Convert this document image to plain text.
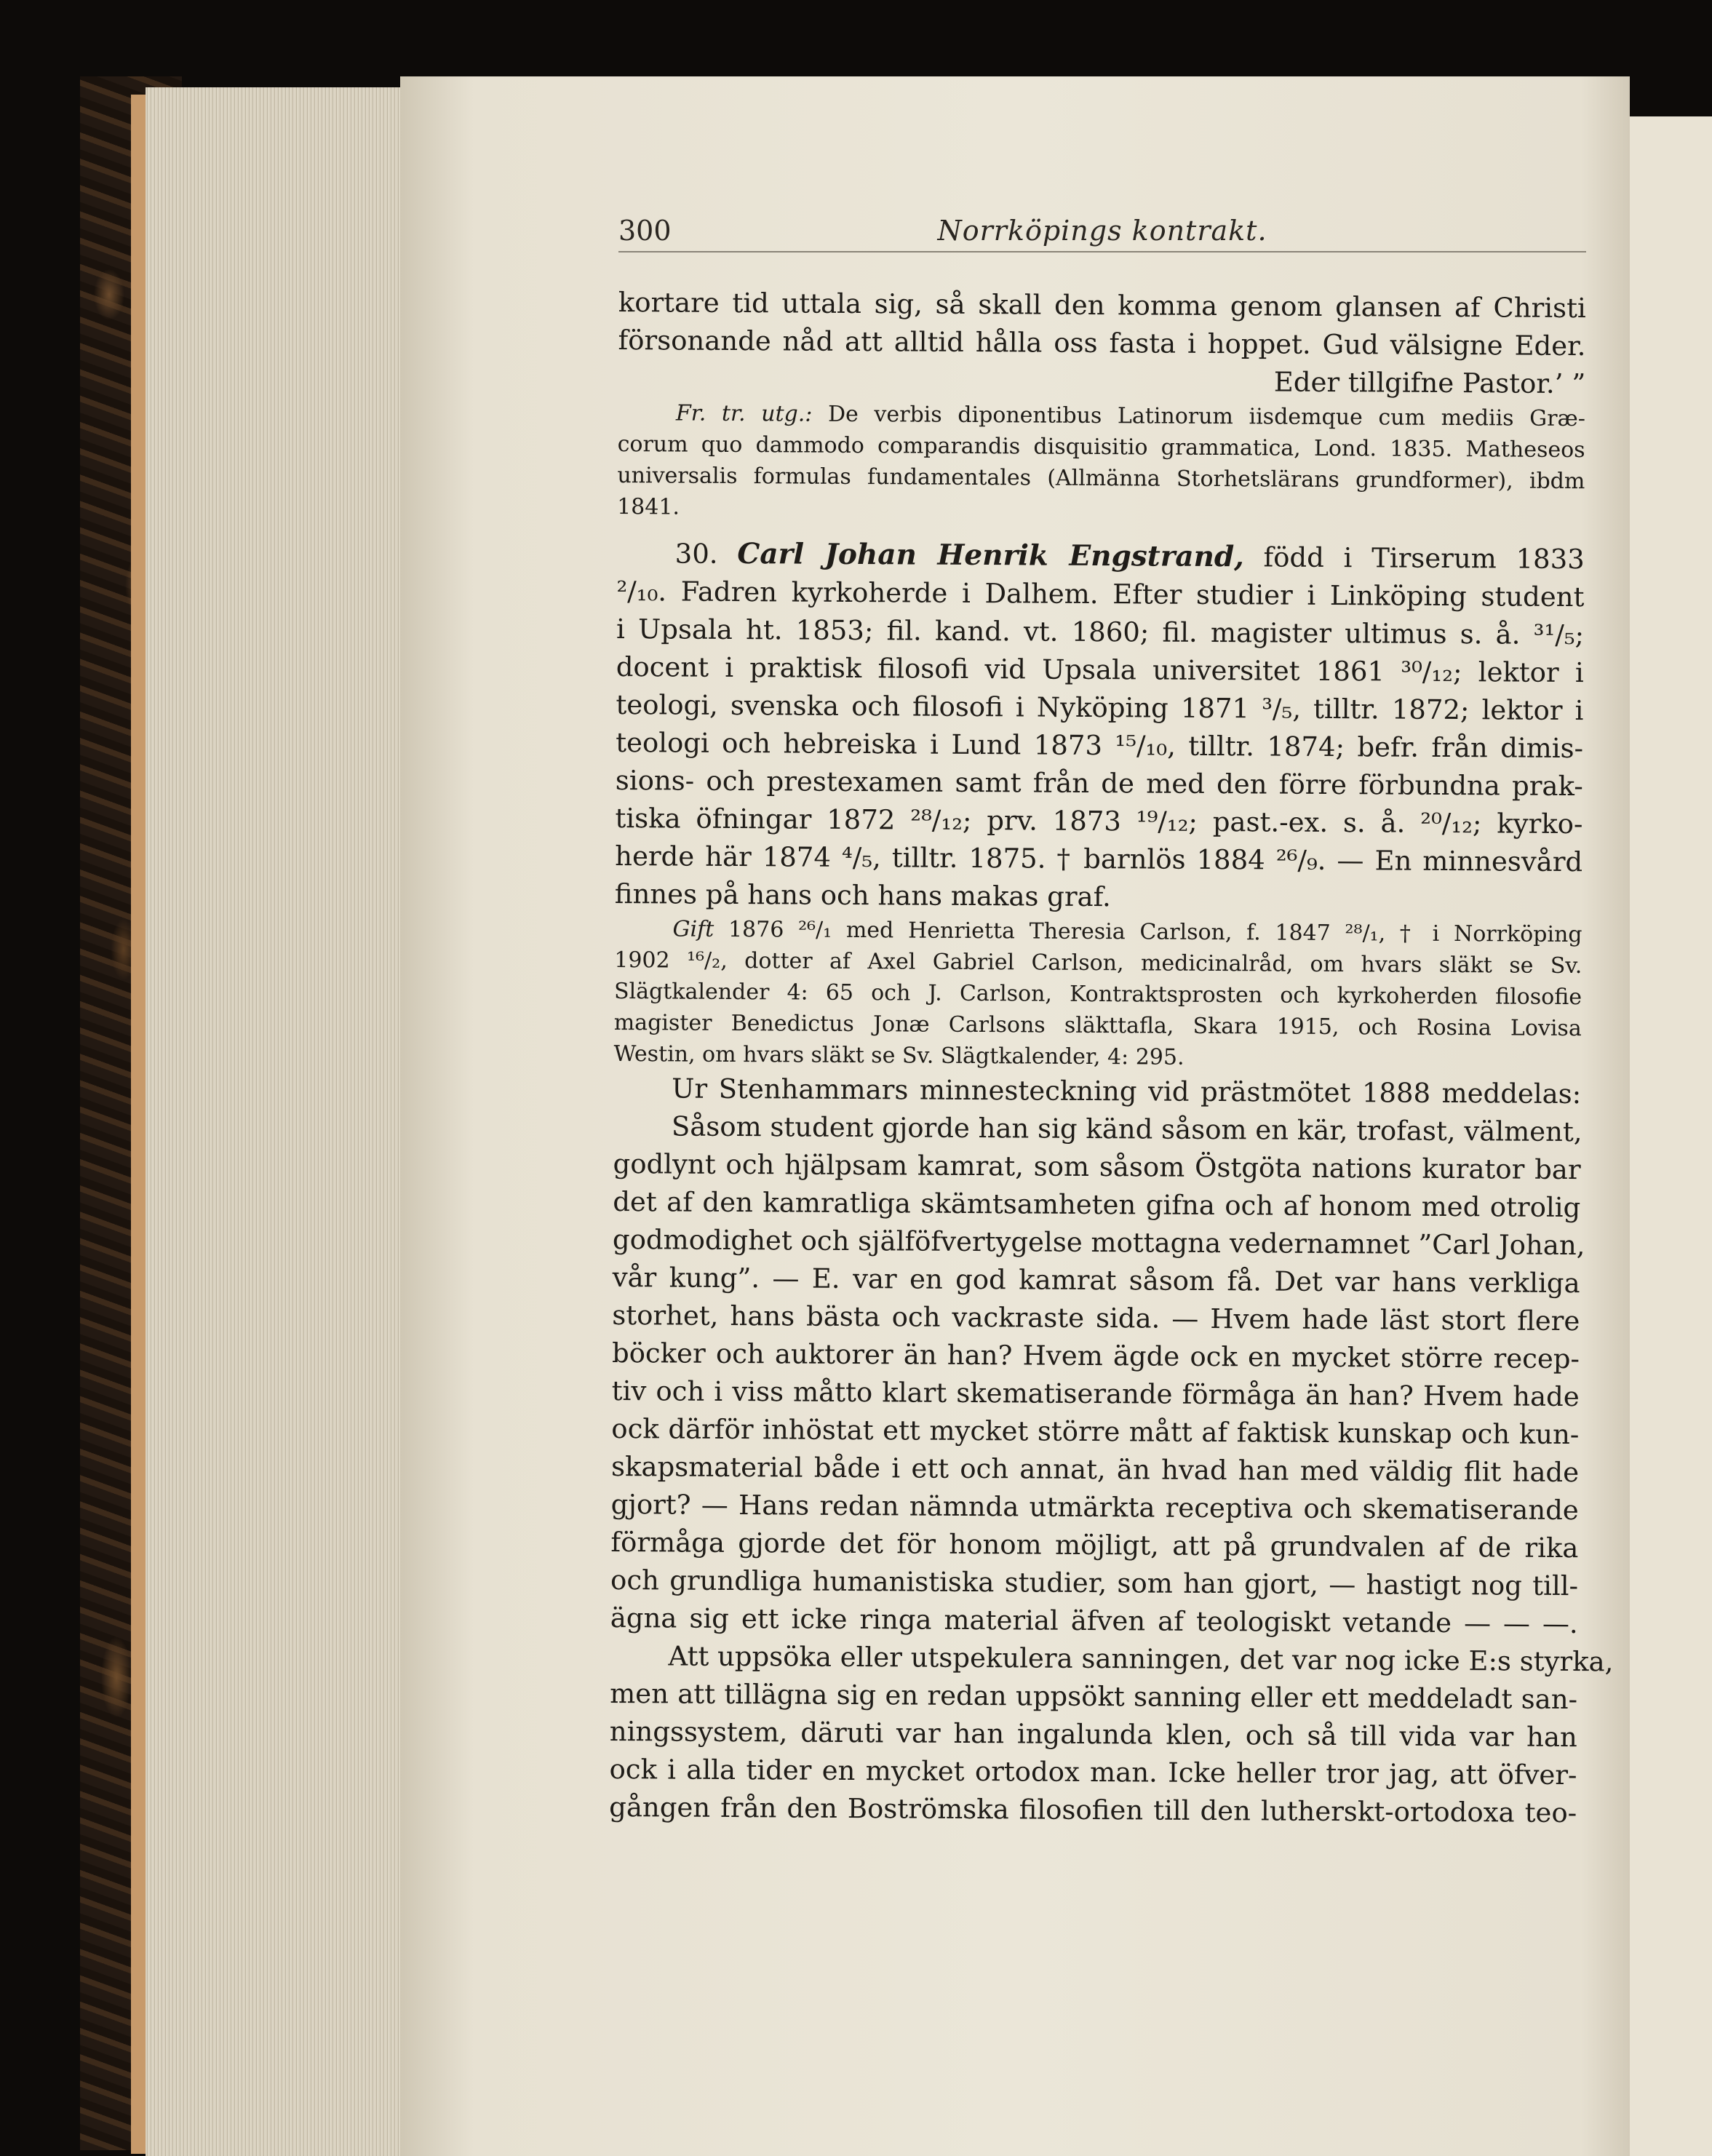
300	Norrköpings kontrakt.
kortare tid uttala sig, så skall den komma genom glansen af Christi
försonande nåd att alltid hålla oss fasta i hoppet. Gud välsigne Eder.
Eder tillgifne Pastor.’ ”
Fr. tr. utg.: De verbis diponentibus Latinorum iisdemque cum mediis Græ-
corum quo dammodo comparandis disquisitio grammatica, Lond. 1835. Matheseos
universalis formulas fundamentales (Allmänna Storhetslärans grundformer), ibdm
1841.
30. Carl Johan Henrik Engstrand, född i Tirserum 1833
²/₁₀. Fadren kyrkoherde i Dalhem. Efter studier i Linköping student
i Upsala ht. 1853; fil. kand. vt. 1860; fil. magister ultimus s. å. ³¹/₅;
docent i praktisk filosofi vid Upsala universitet 1861 ³⁰/₁₂; lektor i
teologi, svenska och filosofi i Nyköping 1871 ³/₅, tilltr. 1872; lektor i
teologi och hebreiska i Lund 1873 ¹⁵/₁₀, tilltr. 1874; befr. från dimis-
sions- och prestexamen samt från de med den förre förbundna prak-
tiska öfningar 1872 ²⁸/₁₂; prv. 1873 ¹⁹/₁₂; past.-ex. s. å. ²⁰/₁₂; kyrko-
herde här 1874 ⁴/₅, tilltr. 1875. † barnlös 1884 ²⁶/₉. — En minnesvård
finnes på hans och hans makas graf.
Gift 1876 ²⁶/₁ med Henrietta Theresia Carlson, f. 1847 ²⁸/₁, † i Norrköping
1902 ¹⁶/₂, dotter af Axel Gabriel Carlson, medicinalråd, om hvars släkt se Sv.
Slägtkalender 4: 65 och J. Carlson, Kontraktsprosten och kyrkoherden filosofie
magister Benedictus Jonæ Carlsons släkttafla, Skara 1915, och Rosina Lovisa
Westin, om hvars släkt se Sv. Slägtkalender, 4: 295.
Ur Stenhammars minnesteckning vid prästmötet 1888 meddelas:
Såsom student gjorde han sig känd såsom en kär, trofast, välment,
godlynt och hjälpsam kamrat, som såsom Östgöta nations kurator bar
det af den kamratliga skämtsamheten gifna och af honom med otrolig
godmodighet och själföfvertygelse mottagna vedernamnet ”Carl Johan,
vår kung”. — E. var en god kamrat såsom få. Det var hans verkliga
storhet, hans bästa och vackraste sida. — Hvem hade läst stort flere
böcker och auktorer än han? Hvem ägde ock en mycket större recep-
tiv och i viss måtto klart skematiserande förmåga än han? Hvem hade
ock därför inhöstat ett mycket större mått af faktisk kunskap och kun-
skapsmaterial både i ett och annat, än hvad han med väldig flit hade
gjort? — Hans redan nämnda utmärkta receptiva och skematiserande
förmåga gjorde det för honom möjligt, att på grundvalen af de rika
och grundliga humanistiska studier, som han gjort, — hastigt nog till-
ägna sig ett icke ringa material äfven af teologiskt vetande — — —.
Att uppsöka eller utspekulera sanningen, det var nog icke E:s styrka,
men att tillägna sig en redan uppsökt sanning eller ett meddeladt san-
ningssystem, däruti var han ingalunda klen, och så till vida var han
ock i alla tider en mycket ortodox man. Icke heller tror jag, att öfver-
gången från den Boströmska filosofien till den lutherskt-ortodoxa teo-
